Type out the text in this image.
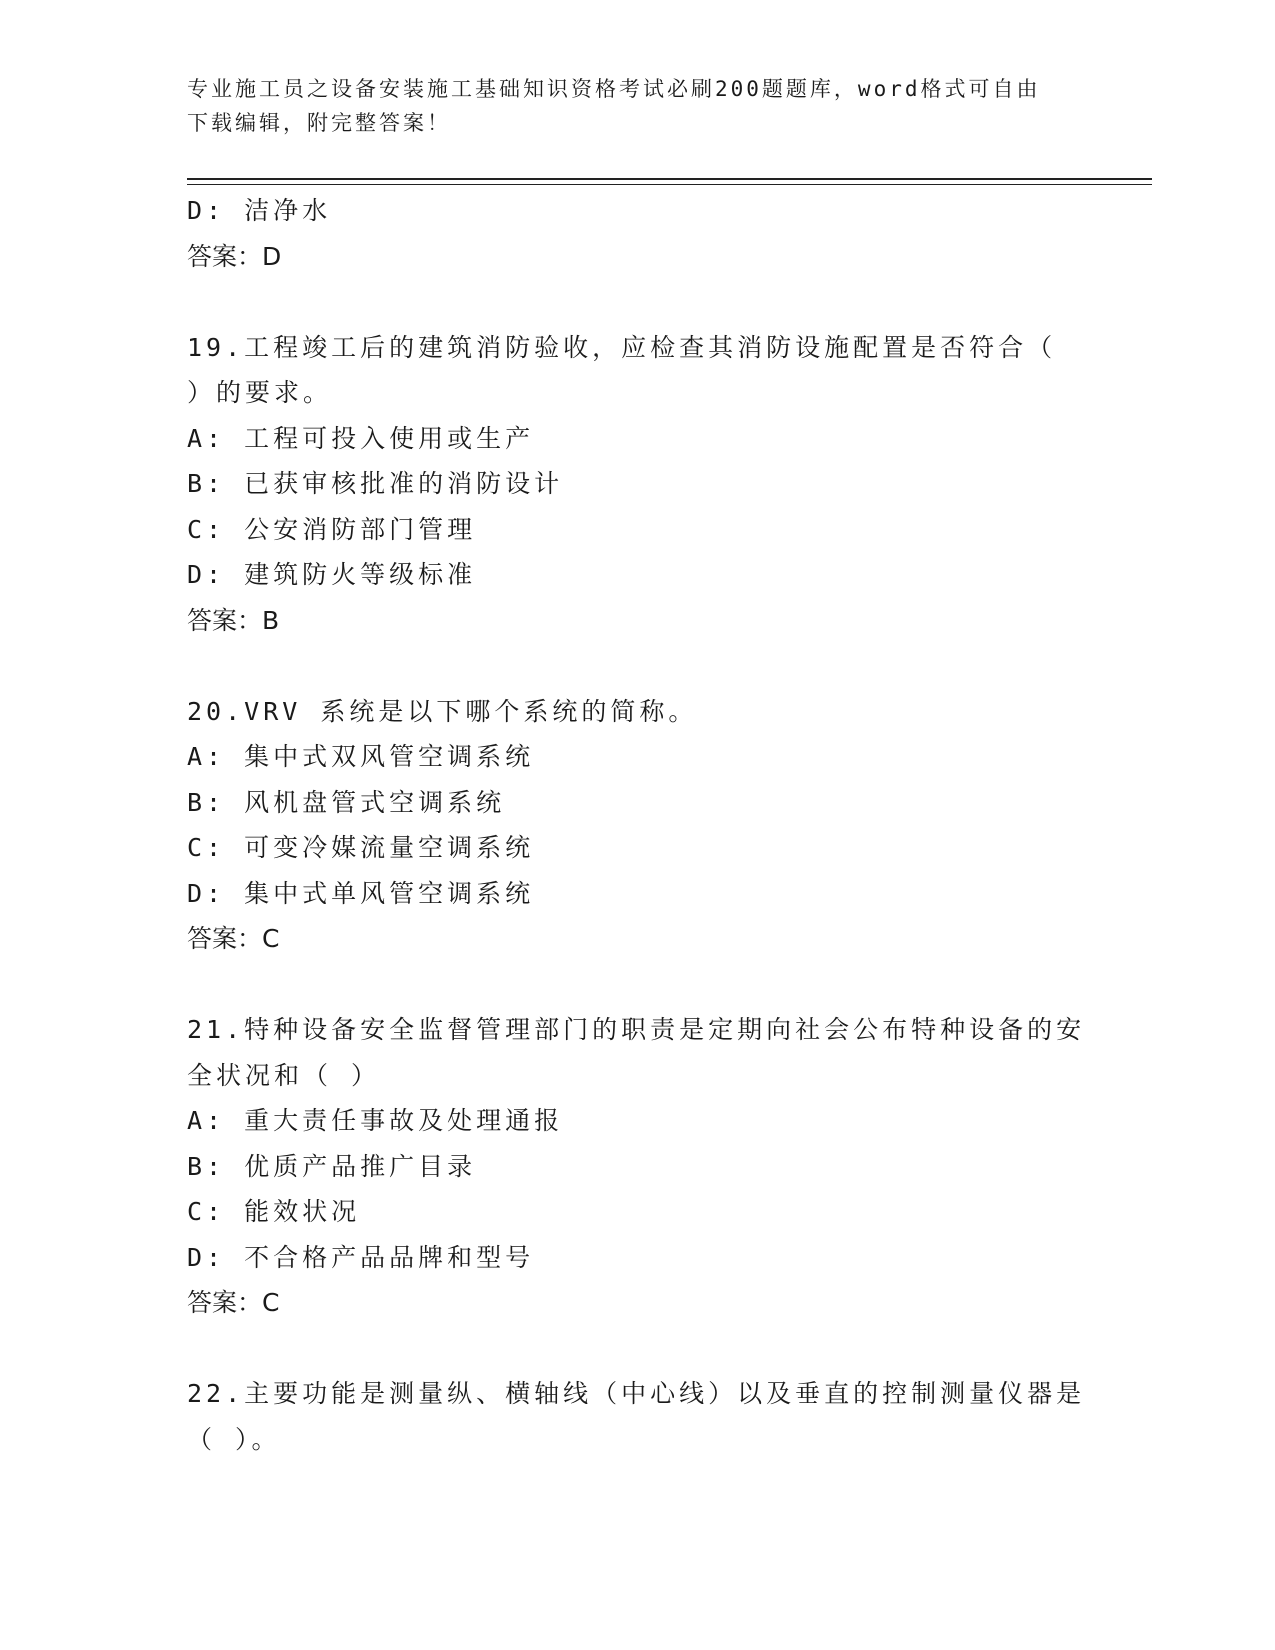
专业施工员之设备安装施工基础知识资格考试必刷200题题库，word格式可自由
下载编辑，附完整答案！
D: 洁净水
答案：D
19.工程竣工后的建筑消防验收，应检查其消防设施配置是否符合（
）的要求。
A: 工程可投入使用或生产
B: 已获审核批准的消防设计
C: 公安消防部门管理
D: 建筑防火等级标准
答案：B
20.VRV 系统是以下哪个系统的简称。
A: 集中式双风管空调系统
B: 风机盘管式空调系统
C: 可变冷媒流量空调系统
D: 集中式单风管空调系统
答案：C
21.特种设备安全监督管理部门的职责是定期向社会公布特种设备的安
全状况和（ ）
A: 重大责任事故及处理通报
B: 优质产品推广目录
C: 能效状况
D: 不合格产品品牌和型号
答案：C
22.主要功能是测量纵、横轴线（中心线）以及垂直的控制测量仪器是
（ ）。
